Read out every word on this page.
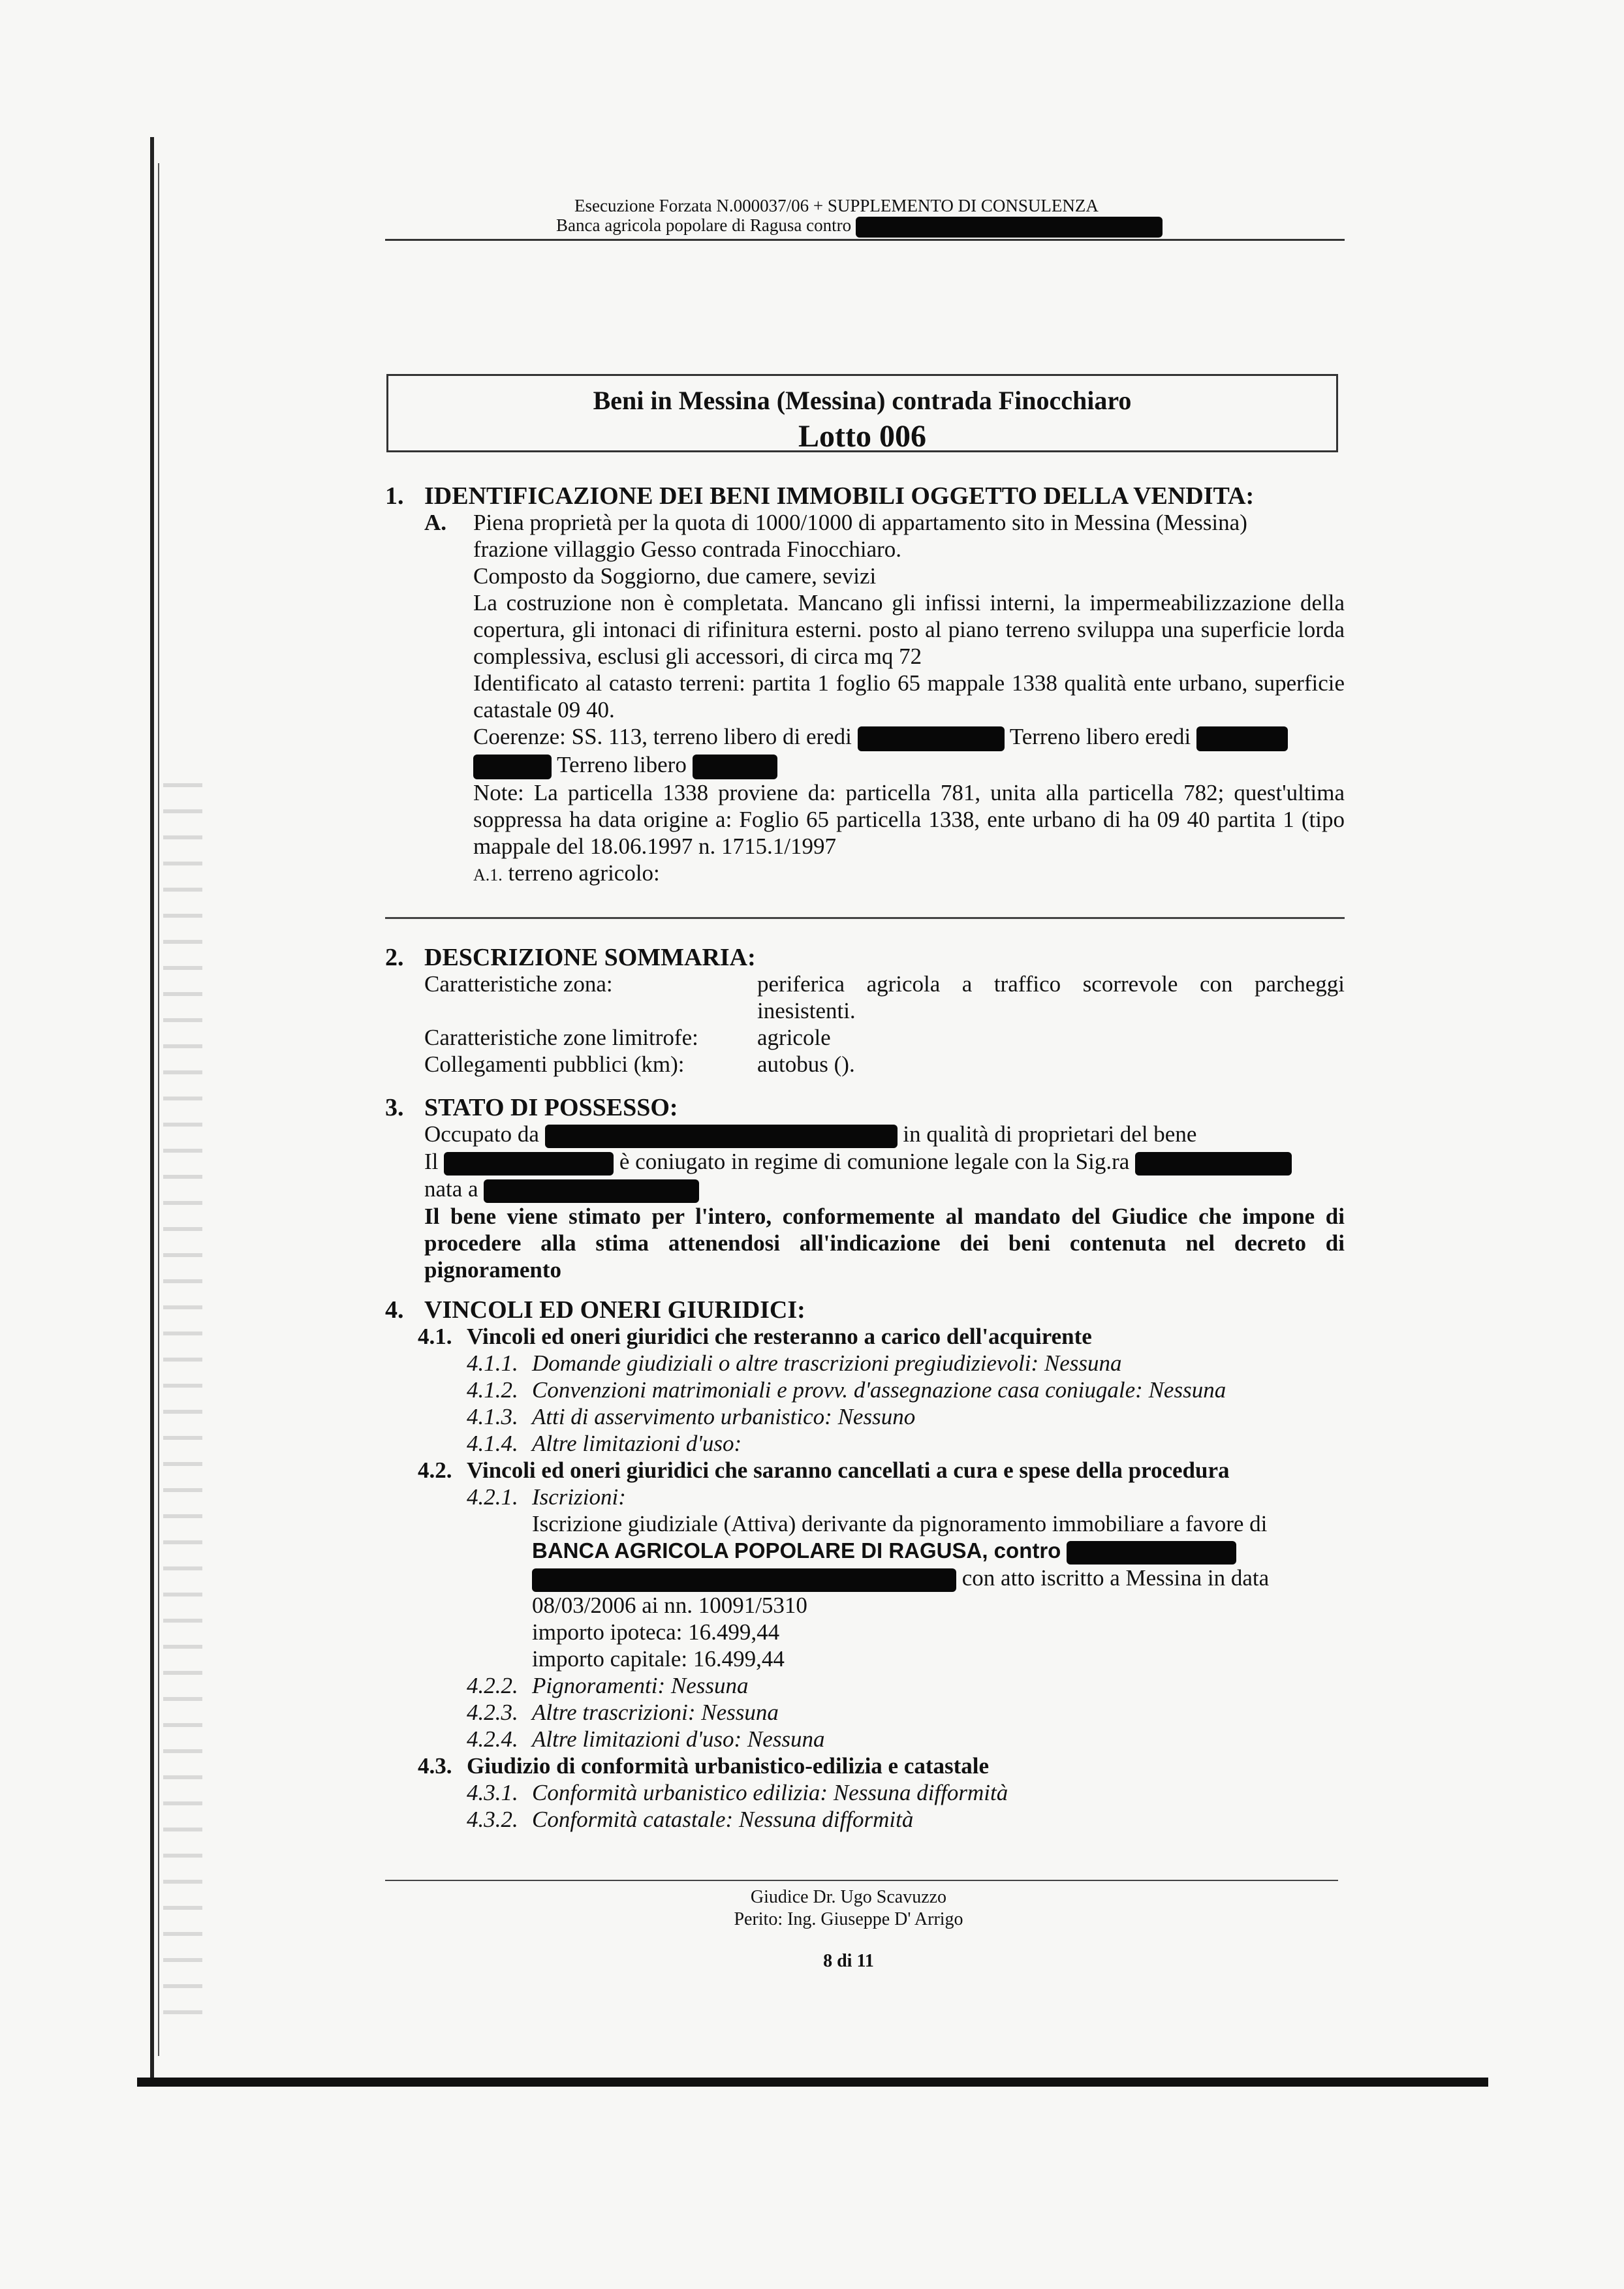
Esecuzione Forzata N.000037/06 + SUPPLEMENTO DI CONSULENZA
Banca agricola popolare di Ragusa contro
Beni in Messina (Messina) contrada Finocchiaro
Lotto 006
1. IDENTIFICAZIONE DEI BENI IMMOBILI OGGETTO DELLA VENDITA:
A.	Piena proprietà per la quota di 1000/1000 di appartamento sito in Messina (Messina)
frazione villaggio Gesso contrada Finocchiaro.
Composto da Soggiorno, due camere, sevizi
La costruzione non è completata. Mancano gli infissi interni, la impermeabilizzazione della copertura, gli intonaci di rifinitura esterni. posto al piano terreno sviluppa una superficie lorda complessiva, esclusi gli accessori, di circa mq 72
Identificato al catasto terreni: partita 1 foglio 65 mappale 1338 qualità ente urbano, superficie catastale 09 40.
Coerenze: SS. 113, terreno libero di eredi	Terreno libero eredi
Terreno libero
Note: La particella 1338 proviene da: particella 781, unita alla particella 782; quest'ultima soppressa ha data origine a: Foglio 65 particella 1338, ente urbano di ha 09 40 partita 1 (tipo mappale del 18.06.1997 n. 1715.1/1997
A.1. terreno agricolo:
2. DESCRIZIONE SOMMARIA:
Caratteristiche zona:	periferica agricola a traffico scorrevole con parcheggi inesistenti.
Caratteristiche zone limitrofe:	agricole
Collegamenti pubblici (km):	autobus ().
3. STATO DI POSSESSO:
Occupato da	in qualità di proprietari del bene
Il	è coniugato in regime di comunione legale con la Sig.ra
nata a
Il bene viene stimato per l'intero, conformemente al mandato del Giudice che impone di procedere alla stima attenendosi all'indicazione dei beni contenuta nel decreto di pignoramento
4. VINCOLI ED ONERI GIURIDICI:
4.1. Vincoli ed oneri giuridici che resteranno a carico dell'acquirente
4.1.1. Domande giudiziali o altre trascrizioni pregiudizievoli: Nessuna
4.1.2. Convenzioni matrimoniali e provv. d'assegnazione casa coniugale: Nessuna
4.1.3. Atti di asservimento urbanistico: Nessuno
4.1.4. Altre limitazioni d'uso:
4.2. Vincoli ed oneri giuridici che saranno cancellati a cura e spese della procedura
4.2.1. Iscrizioni:
Iscrizione giudiziale (Attiva) derivante da pignoramento immobiliare a favore di
BANCA AGRICOLA POPOLARE DI RAGUSA, contro
con atto iscritto a Messina in data
08/03/2006 ai nn. 10091/5310
importo ipoteca: 16.499,44
importo capitale: 16.499,44
4.2.2. Pignoramenti: Nessuna
4.2.3. Altre trascrizioni: Nessuna
4.2.4. Altre limitazioni d'uso: Nessuna
4.3. Giudizio di conformità urbanistico-edilizia e catastale
4.3.1. Conformità urbanistico edilizia: Nessuna difformità
4.3.2. Conformità catastale: Nessuna difformità
Giudice Dr. Ugo Scavuzzo
Perito: Ing. Giuseppe D' Arrigo
8 di 11
